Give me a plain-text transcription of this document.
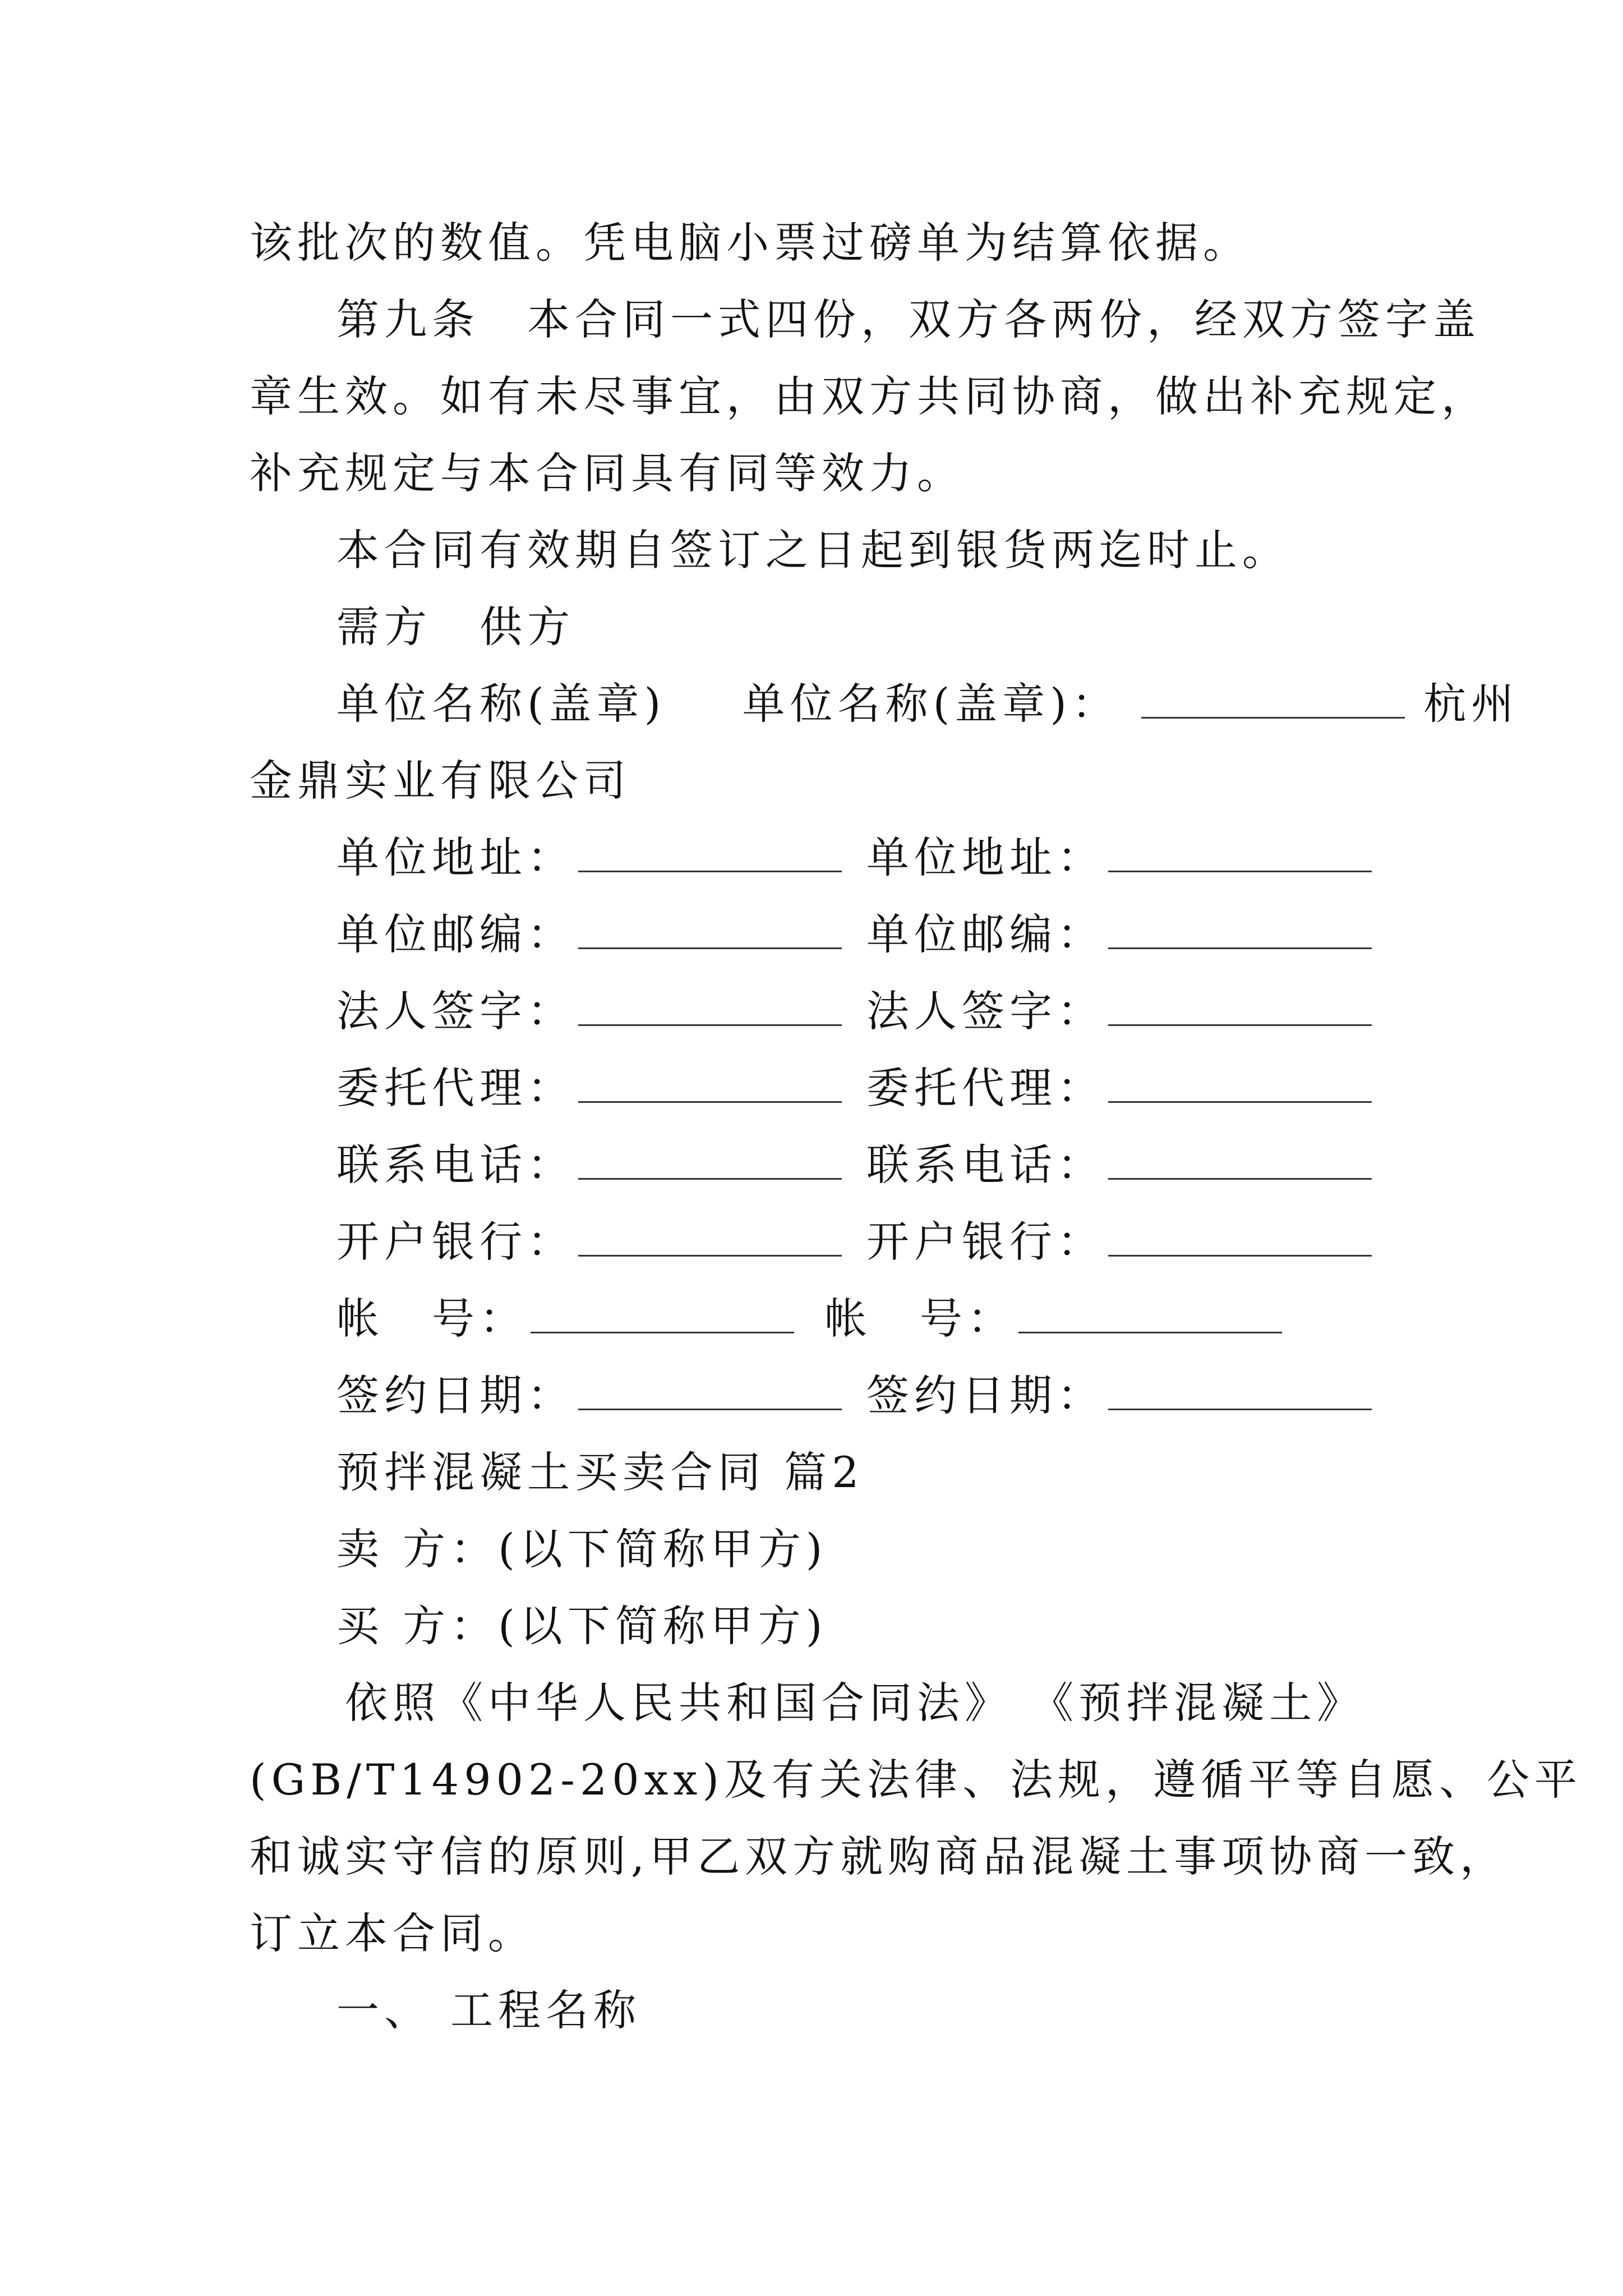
该批次的数值。凭电脑小票过磅单为结算依据。
第九条　本合同一式四份，双方各两份，经双方签字盖
章生效。如有未尽事宜，由双方共同协商，做出补充规定，
补充规定与本合同具有同等效力。
本合同有效期自签订之日起到银货两迄时止。
需方　供方
单位名称(盖章) 单位名称(盖章)：	杭州
金鼎实业有限公司
单位地址：	单位地址：
单位邮编：	单位邮编：
法人签字：	法人签字：
委托代理：	委托代理：
联系电话：	联系电话：
开户银行：	开户银行：
帐　号：	帐　号：
签约日期：	签约日期：
预拌混凝土买卖合同 篇2
卖 方：(以下简称甲方)
买 方：(以下简称甲方)
依照《中华人民共和国合同法》 《预拌混凝土》
(GB/T14902-20xx)及有关法律、法规，遵循平等自愿、公平
和诚实守信的原则,甲乙双方就购商品混凝土事项协商一致，
订立本合同。
一、 工程名称
